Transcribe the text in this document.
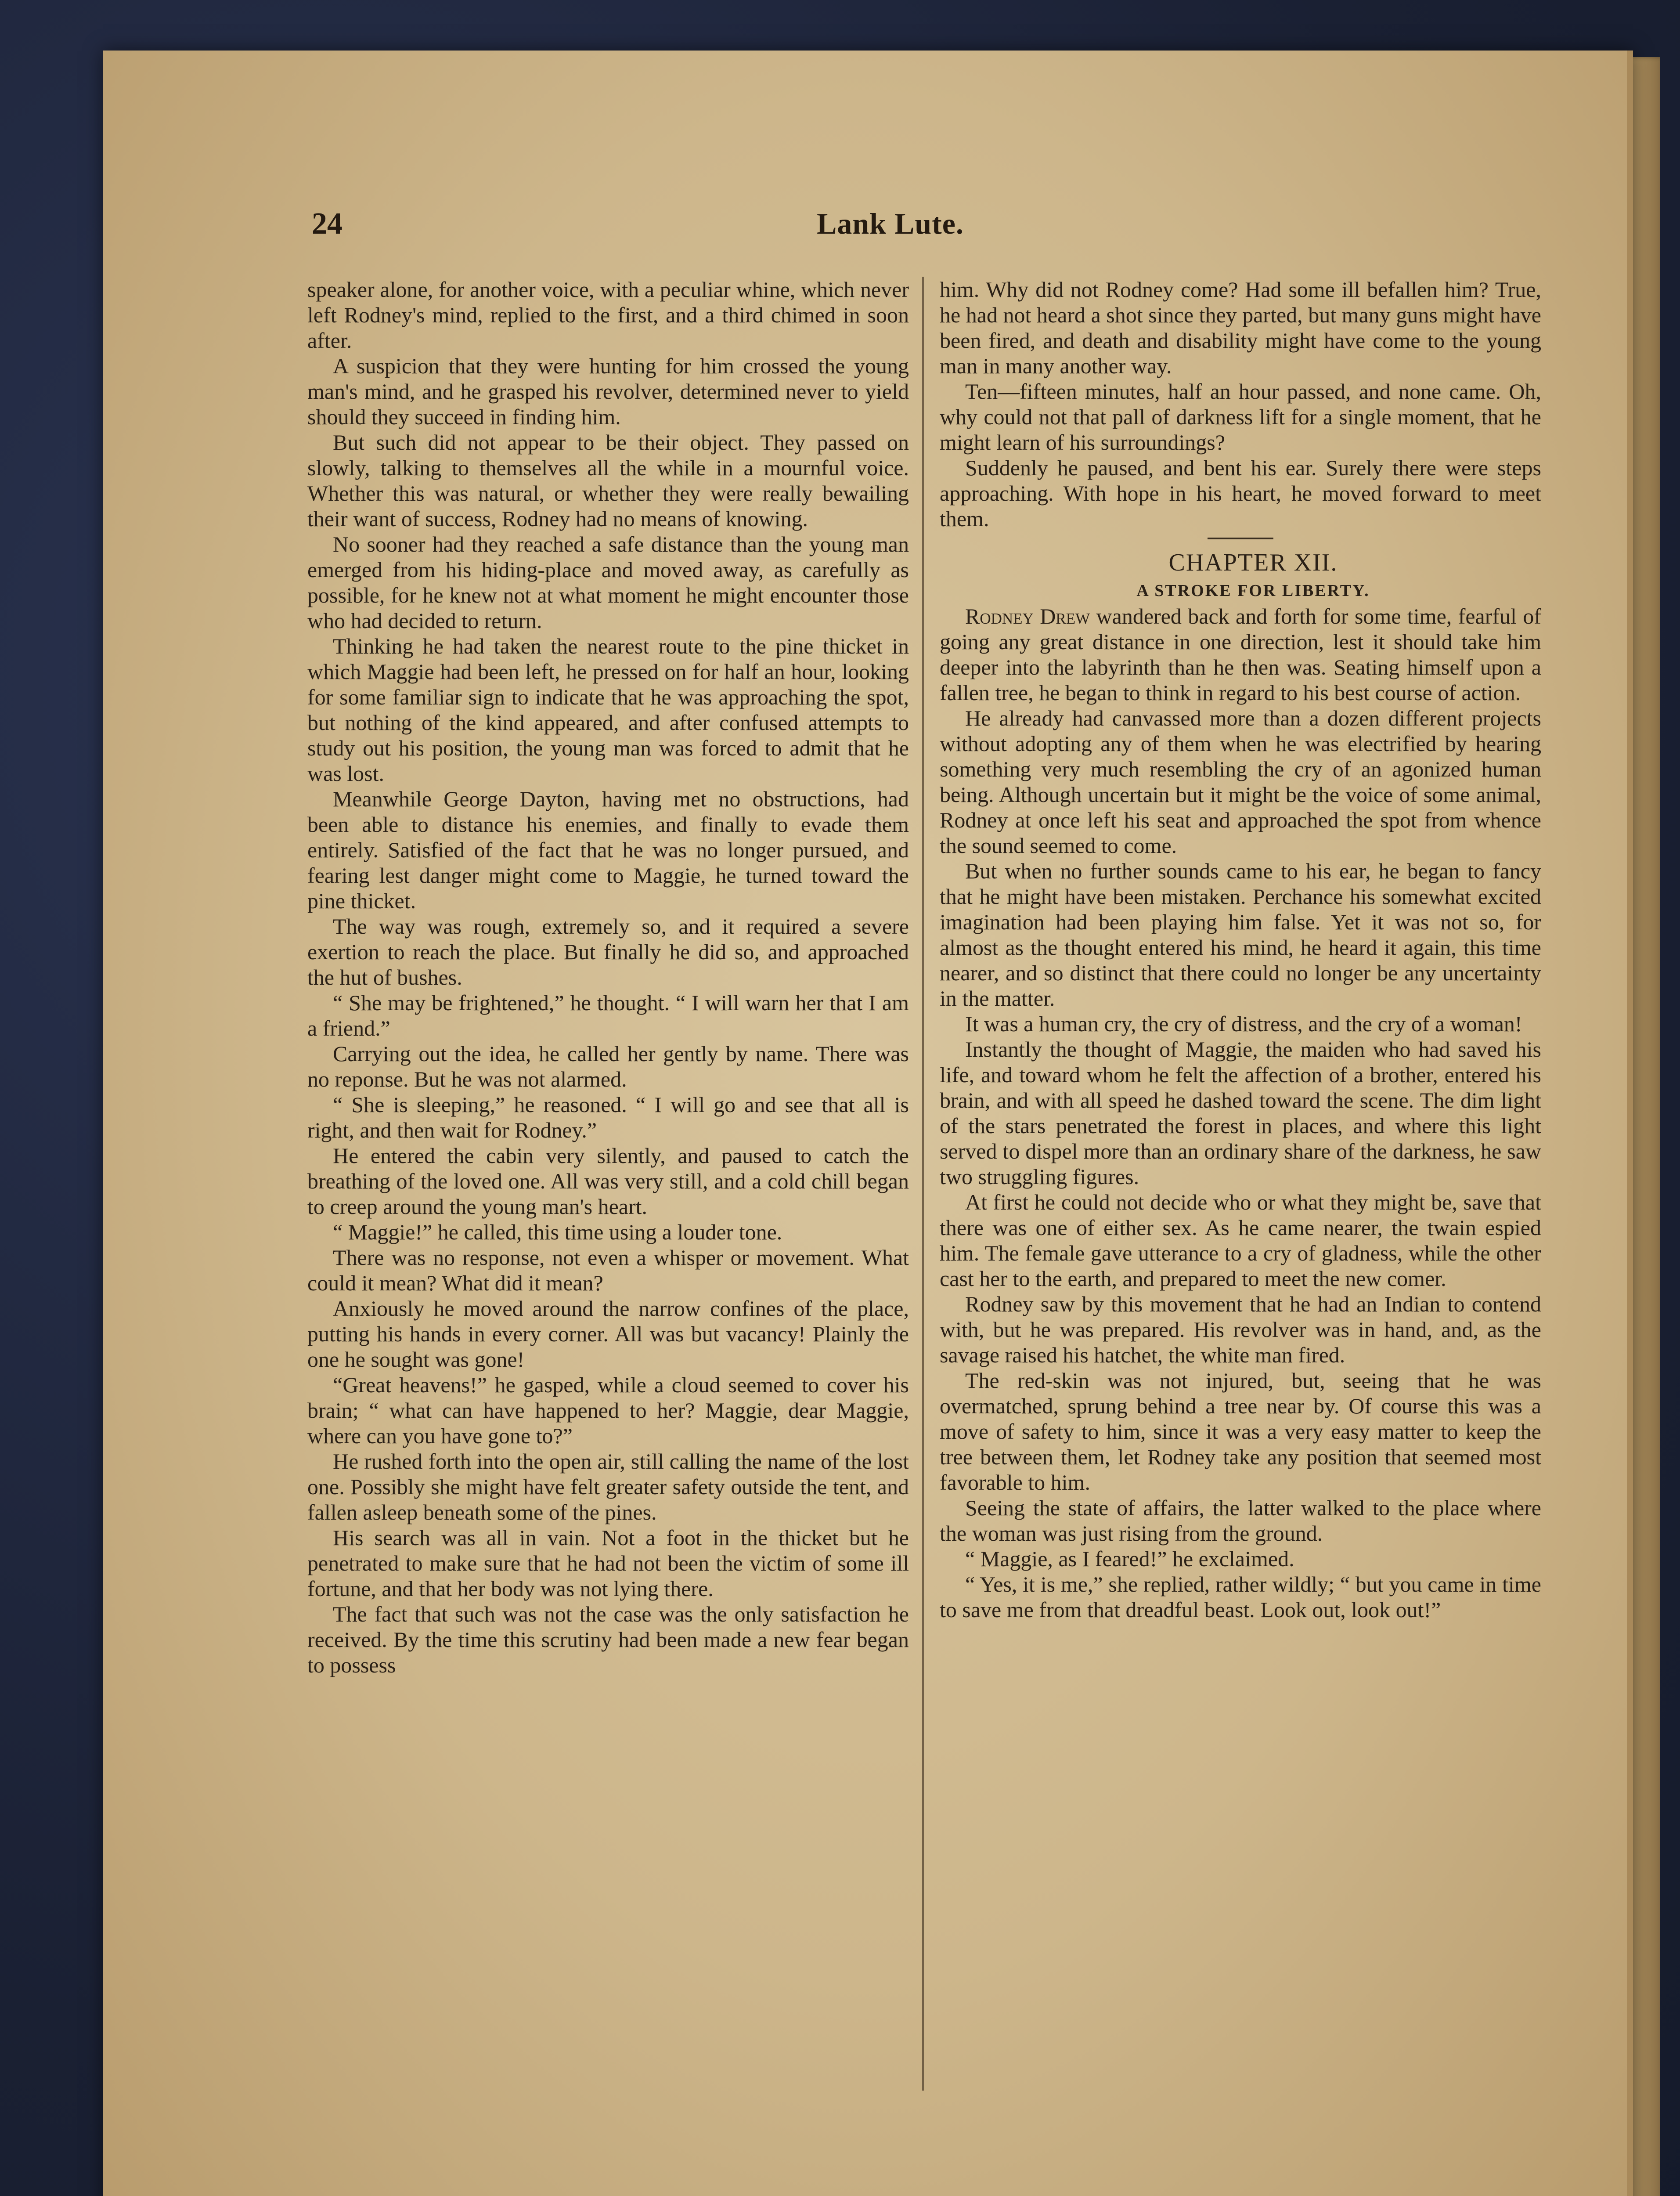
24	Lank Lute.

speaker alone, for another voice, with a peculiar whine, which never left Rodney's mind, replied to the first, and a third chimed in soon after.

A suspicion that they were hunting for him crossed the young man's mind, and he grasped his revolver, determined never to yield should they succeed in finding him.

But such did not appear to be their object. They passed on slowly, talking to themselves all the while in a mournful voice. Whether this was natural, or whether they were really bewailing their want of success, Rodney had no means of knowing.

No sooner had they reached a safe distance than the young man emerged from his hiding-place and moved away, as carefully as possible, for he knew not at what moment he might encounter those who had decided to return.

Thinking he had taken the nearest route to the pine thicket in which Maggie had been left, he pressed on for half an hour, looking for some familiar sign to indicate that he was approaching the spot, but nothing of the kind appeared, and after confused attempts to study out his position, the young man was forced to admit that he was lost.

Meanwhile George Dayton, having met no obstructions, had been able to distance his enemies, and finally to evade them entirely. Satisfied of the fact that he was no longer pursued, and fearing lest danger might come to Maggie, he turned toward the pine thicket.

The way was rough, extremely so, and it required a severe exertion to reach the place. But finally he did so, and approached the hut of bushes.

“ She may be frightened,” he thought. “ I will warn her that I am a friend.”

Carrying out the idea, he called her gently by name. There was no reponse. But he was not alarmed.

“ She is sleeping,” he reasoned. “ I will go and see that all is right, and then wait for Rodney.”

He entered the cabin very silently, and paused to catch the breathing of the loved one. All was very still, and a cold chill began to creep around the young man's heart.

“ Maggie!” he called, this time using a louder tone.

There was no response, not even a whisper or movement. What could it mean? What did it mean?

Anxiously he moved around the narrow confines of the place, putting his hands in every corner. All was but vacancy! Plainly the one he sought was gone!

“Great heavens!” he gasped, while a cloud seemed to cover his brain; “ what can have happened to her? Maggie, dear Maggie, where can you have gone to?”

He rushed forth into the open air, still calling the name of the lost one. Possibly she might have felt greater safety outside the tent, and fallen asleep beneath some of the pines.

His search was all in vain. Not a foot in the thicket but he penetrated to make sure that he had not been the victim of some ill fortune, and that her body was not lying there.

The fact that such was not the case was the only satisfaction he received. By the time this scrutiny had been made a new fear began to possess

him. Why did not Rodney come? Had some ill befallen him? True, he had not heard a shot since they parted, but many guns might have been fired, and death and disability might have come to the young man in many another way.

Ten—fifteen minutes, half an hour passed, and none came. Oh, why could not that pall of darkness lift for a single moment, that he might learn of his surroundings?

Suddenly he paused, and bent his ear. Surely there were steps approaching. With hope in his heart, he moved forward to meet them.

CHAPTER XII.

A STROKE FOR LIBERTY.

Rodney Drew wandered back and forth for some time, fearful of going any great distance in one direction, lest it should take him deeper into the labyrinth than he then was. Seating himself upon a fallen tree, he began to think in regard to his best course of action.

He already had canvassed more than a dozen different projects without adopting any of them when he was electrified by hearing something very much resembling the cry of an agonized human being. Although uncertain but it might be the voice of some animal, Rodney at once left his seat and approached the spot from whence the sound seemed to come.

But when no further sounds came to his ear, he began to fancy that he might have been mistaken. Perchance his somewhat excited imagination had been playing him false. Yet it was not so, for almost as the thought entered his mind, he heard it again, this time nearer, and so distinct that there could no longer be any uncertainty in the matter.

It was a human cry, the cry of distress, and the cry of a woman!

Instantly the thought of Maggie, the maiden who had saved his life, and toward whom he felt the affection of a brother, entered his brain, and with all speed he dashed toward the scene. The dim light of the stars penetrated the forest in places, and where this light served to dispel more than an ordinary share of the darkness, he saw two struggling figures.

At first he could not decide who or what they might be, save that there was one of either sex. As he came nearer, the twain espied him. The female gave utterance to a cry of gladness, while the other cast her to the earth, and prepared to meet the new comer.

Rodney saw by this movement that he had an Indian to contend with, but he was prepared. His revolver was in hand, and, as the savage raised his hatchet, the white man fired.

The red-skin was not injured, but, seeing that he was overmatched, sprung behind a tree near by. Of course this was a move of safety to him, since it was a very easy matter to keep the tree between them, let Rodney take any position that seemed most favorable to him.

Seeing the state of affairs, the latter walked to the place where the woman was just rising from the ground.

“ Maggie, as I feared!” he exclaimed.

“ Yes, it is me,” she replied, rather wildly; “ but you came in time to save me from that dreadful beast. Look out, look out!”
